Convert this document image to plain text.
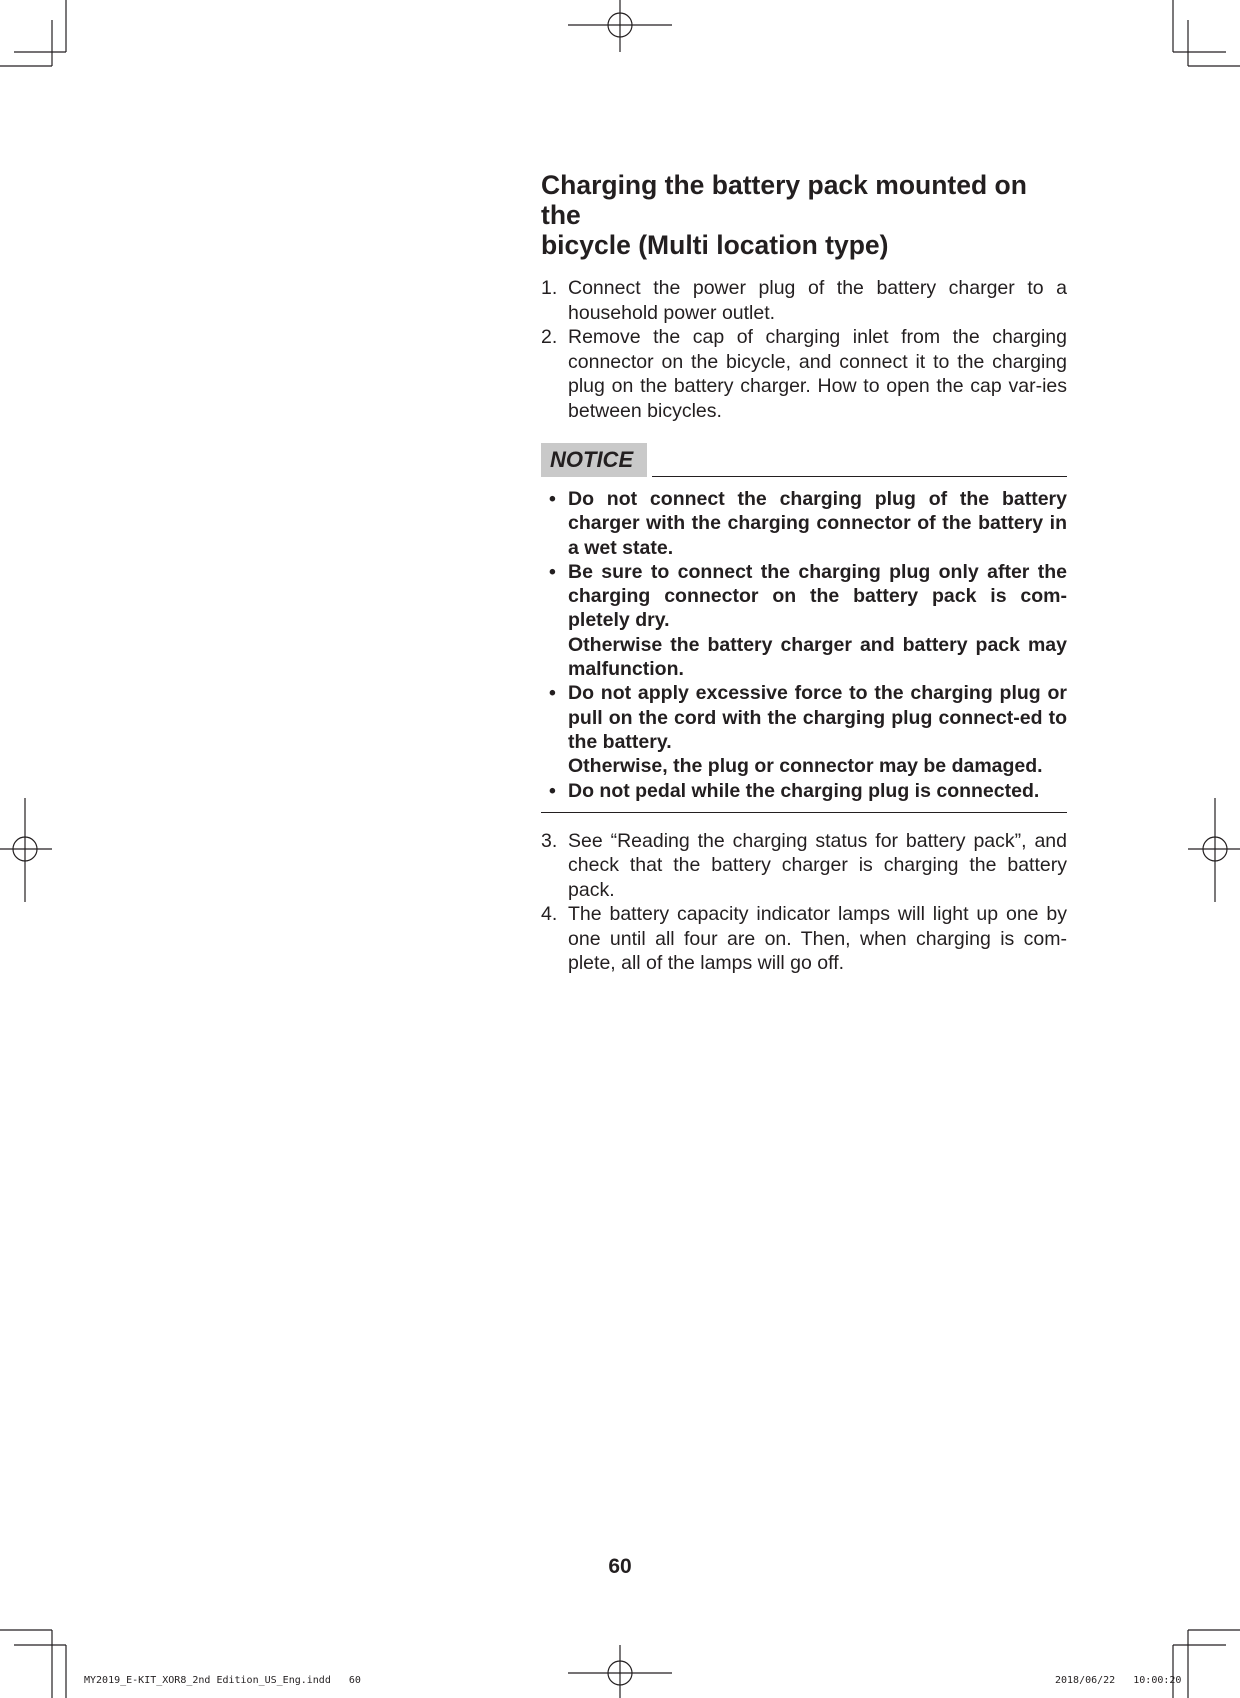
Charging the battery pack mounted on the
bicycle (Multi location type)
1. Connect the power plug of the battery charger to a household power outlet.
2. Remove the cap of charging inlet from the charging connector on the bicycle, and connect it to the charging plug on the battery charger. How to open the cap var-ies between bicycles.
NOTICE
• Do not connect the charging plug of the battery charger with the charging connector of the battery in a wet state.
• Be sure to connect the charging plug only after the charging connector on the battery pack is com-pletely dry.
Otherwise the battery charger and battery pack may malfunction.
• Do not apply excessive force to the charging plug or pull on the cord with the charging plug connect-ed to the battery.
Otherwise, the plug or connector may be damaged.
• Do not pedal while the charging plug is connected.
3. See “Reading the charging status for battery pack”, and check that the battery charger is charging the battery pack.
4. The battery capacity indicator lamps will light up one by one until all four are on. Then, when charging is com-plete, all of the lamps will go off.
60
MY2019_E-KIT_XOR8_2nd Edition_US_Eng.indd   60	2018/06/22   10:00:20
